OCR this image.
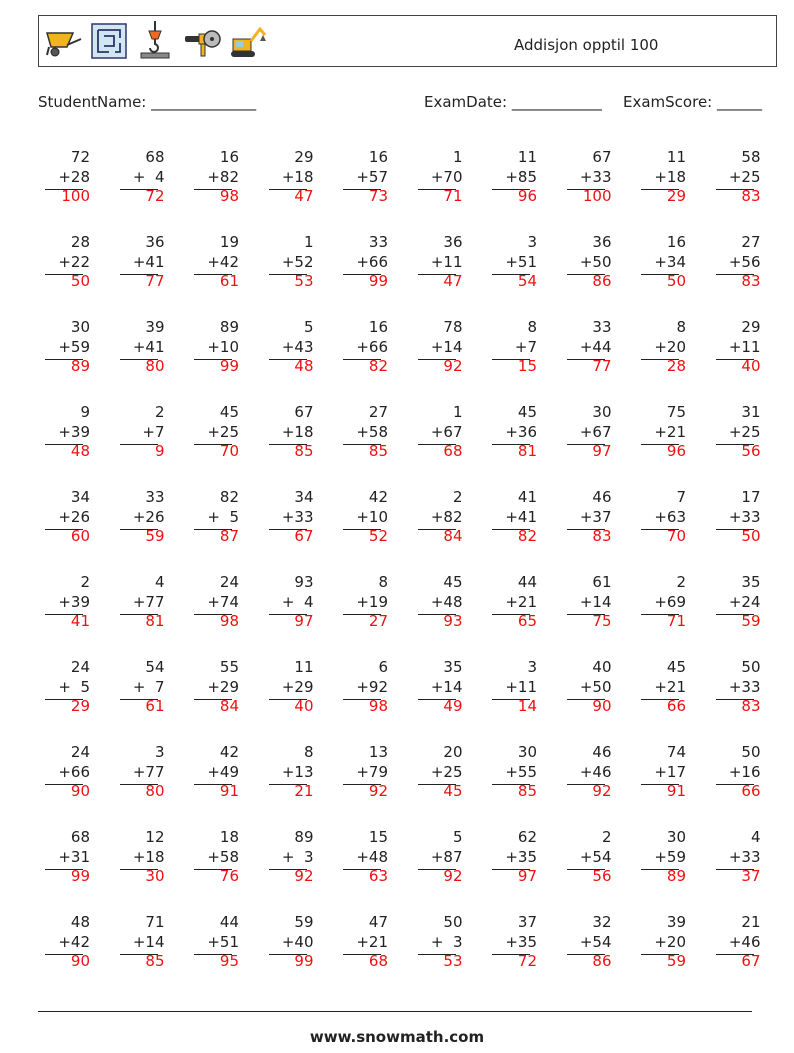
Addisjon opptil 100
StudentName: ______________	ExamDate: ____________ ExamScore: ______
72
+28
100
68
+  4
72
16
+82
98
29
+18
47
16
+57
73
1
+70
71
11
+85
96
67
+33
100
11
+18
29
58
+25
83
28
+22
50
36
+41
77
19
+42
61
1
+52
53
33
+66
99
36
+11
47
3
+51
54
36
+50
86
16
+34
50
27
+56
83
30
+59
89
39
+41
80
89
+10
99
5
+43
48
16
+66
82
78
+14
92
8
+7
15
33
+44
77
8
+20
28
29
+11
40
9
+39
48
2
+7
9
45
+25
70
67
+18
85
27
+58
85
1
+67
68
45
+36
81
30
+67
97
75
+21
96
31
+25
56
34
+26
60
33
+26
59
82
+  5
87
34
+33
67
42
+10
52
2
+82
84
41
+41
82
46
+37
83
7
+63
70
17
+33
50
2
+39
41
4
+77
81
24
+74
98
93
+  4
97
8
+19
27
45
+48
93
44
+21
65
61
+14
75
2
+69
71
35
+24
59
24
+  5
29
54
+  7
61
55
+29
84
11
+29
40
6
+92
98
35
+14
49
3
+11
14
40
+50
90
45
+21
66
50
+33
83
24
+66
90
3
+77
80
42
+49
91
8
+13
21
13
+79
92
20
+25
45
30
+55
85
46
+46
92
74
+17
91
50
+16
66
68
+31
99
12
+18
30
18
+58
76
89
+  3
92
15
+48
63
5
+87
92
62
+35
97
2
+54
56
30
+59
89
4
+33
37
48
+42
90
71
+14
85
44
+51
95
59
+40
99
47
+21
68
50
+  3
53
37
+35
72
32
+54
86
39
+20
59
21
+46
67
www.snowmath.com
